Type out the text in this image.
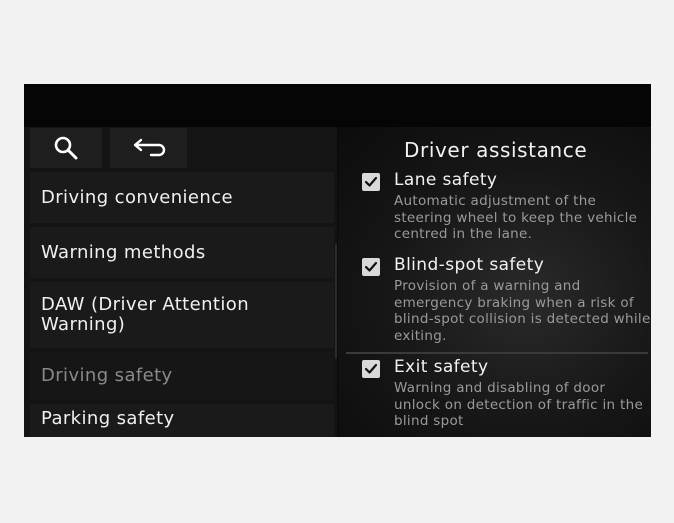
Driving convenience
Warning methods
DAW (Driver Attention Warning)
Driving safety
Parking safety
Driver assistance
Lane safety
Automatic adjustment of the steering wheel to keep the vehicle centred in the lane.
Blind-spot safety
Provision of a warning and emergency braking when a risk of blind-spot collision is detected while exiting.
Exit safety
Warning and disabling of door unlock on detection of traffic in the blind spot
